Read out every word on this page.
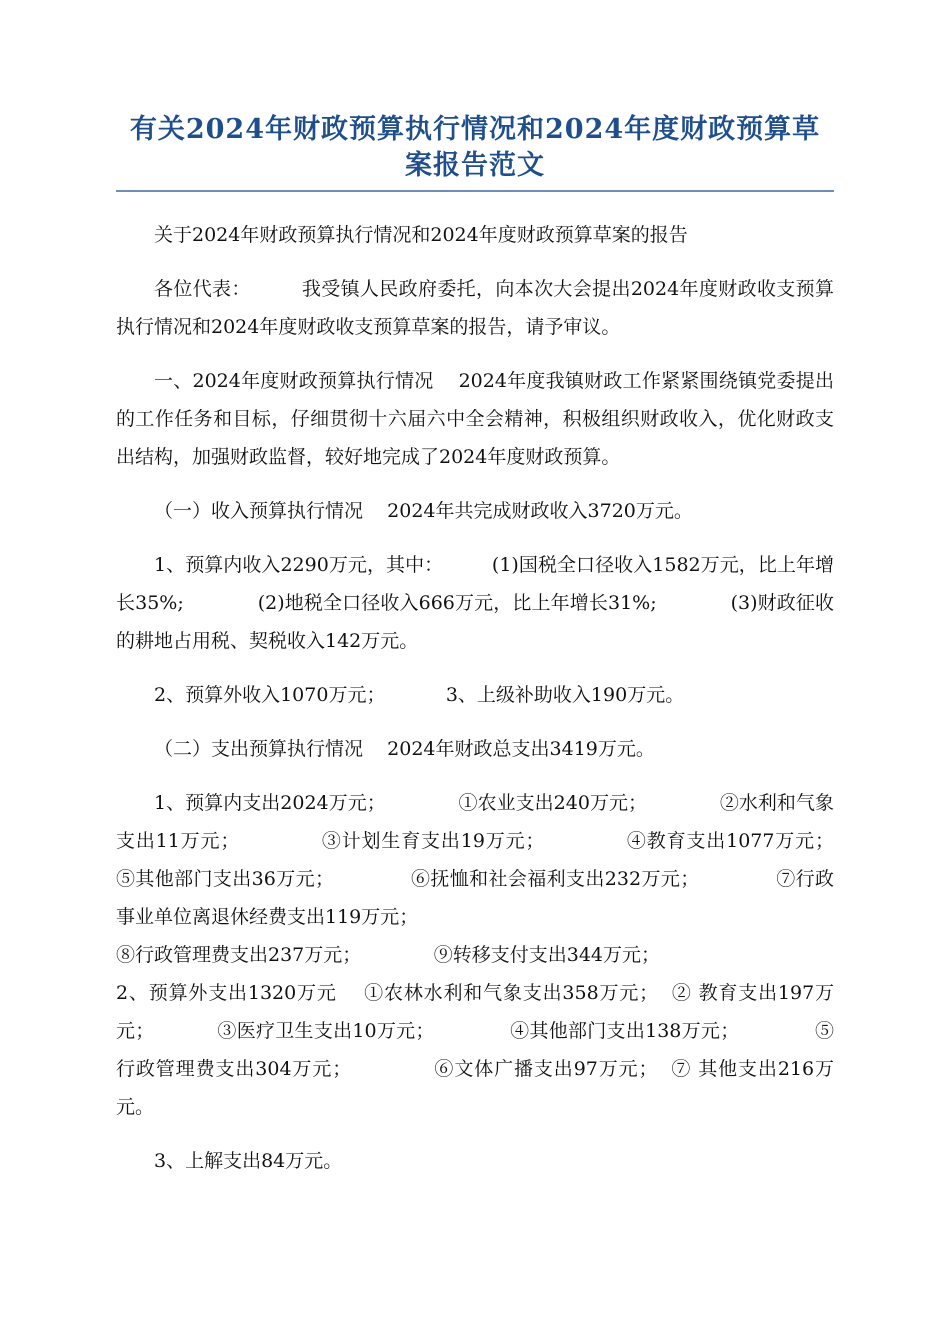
有关2024年财政预算执行情况和2024年度财政预算草
案报告范文

关于2024年财政预算执行情况和2024年度财政预算草案的报告

各位代表：        我受镇人民政府委托，向本次大会提出2024年度财政收支预算执行情况和2024年度财政收支预算草案的报告，请予审议。

一、2024年度财政预算执行情况    2024年度我镇财政工作紧紧围绕镇党委提出的工作任务和目标，仔细贯彻十六届六中全会精神，积极组织财政收入，优化财政支出结构，加强财政监督，较好地完成了2024年度财政预算。

（一）收入预算执行情况    2024年共完成财政收入3720万元。

1、预算内收入2290万元，其中：        (1)国税全口径收入1582万元，比上年增长35%;            (2)地税全口径收入666万元，比上年增长31%;            (3)财政征收的耕地占用税、契税收入142万元。

2、预算外收入1070万元；          3、上级补助收入190万元。

（二）支出预算执行情况    2024年财政总支出3419万元。

1、预算内支出2024万元；            ①农业支出240万元；            ②水利和气象支出11万元；            ③计划生育支出19万元；            ④教育支出1077万元；            ⑤其他部门支出36万元；            ⑥抚恤和社会福利支出232万元；            ⑦行政事业单位离退休经费支出119万元；

⑧行政管理费支出237万元；            ⑨转移支付支出344万元；

2、预算外支出1320万元    ①农林水利和气象支出358万元；  ② 教育支出197万元；          ③医疗卫生支出10万元；            ④其他部门支出138万元；            ⑤行政管理费支出304万元；            ⑥文体广播支出97万元；  ⑦ 其他支出216万元。

3、上解支出84万元。
